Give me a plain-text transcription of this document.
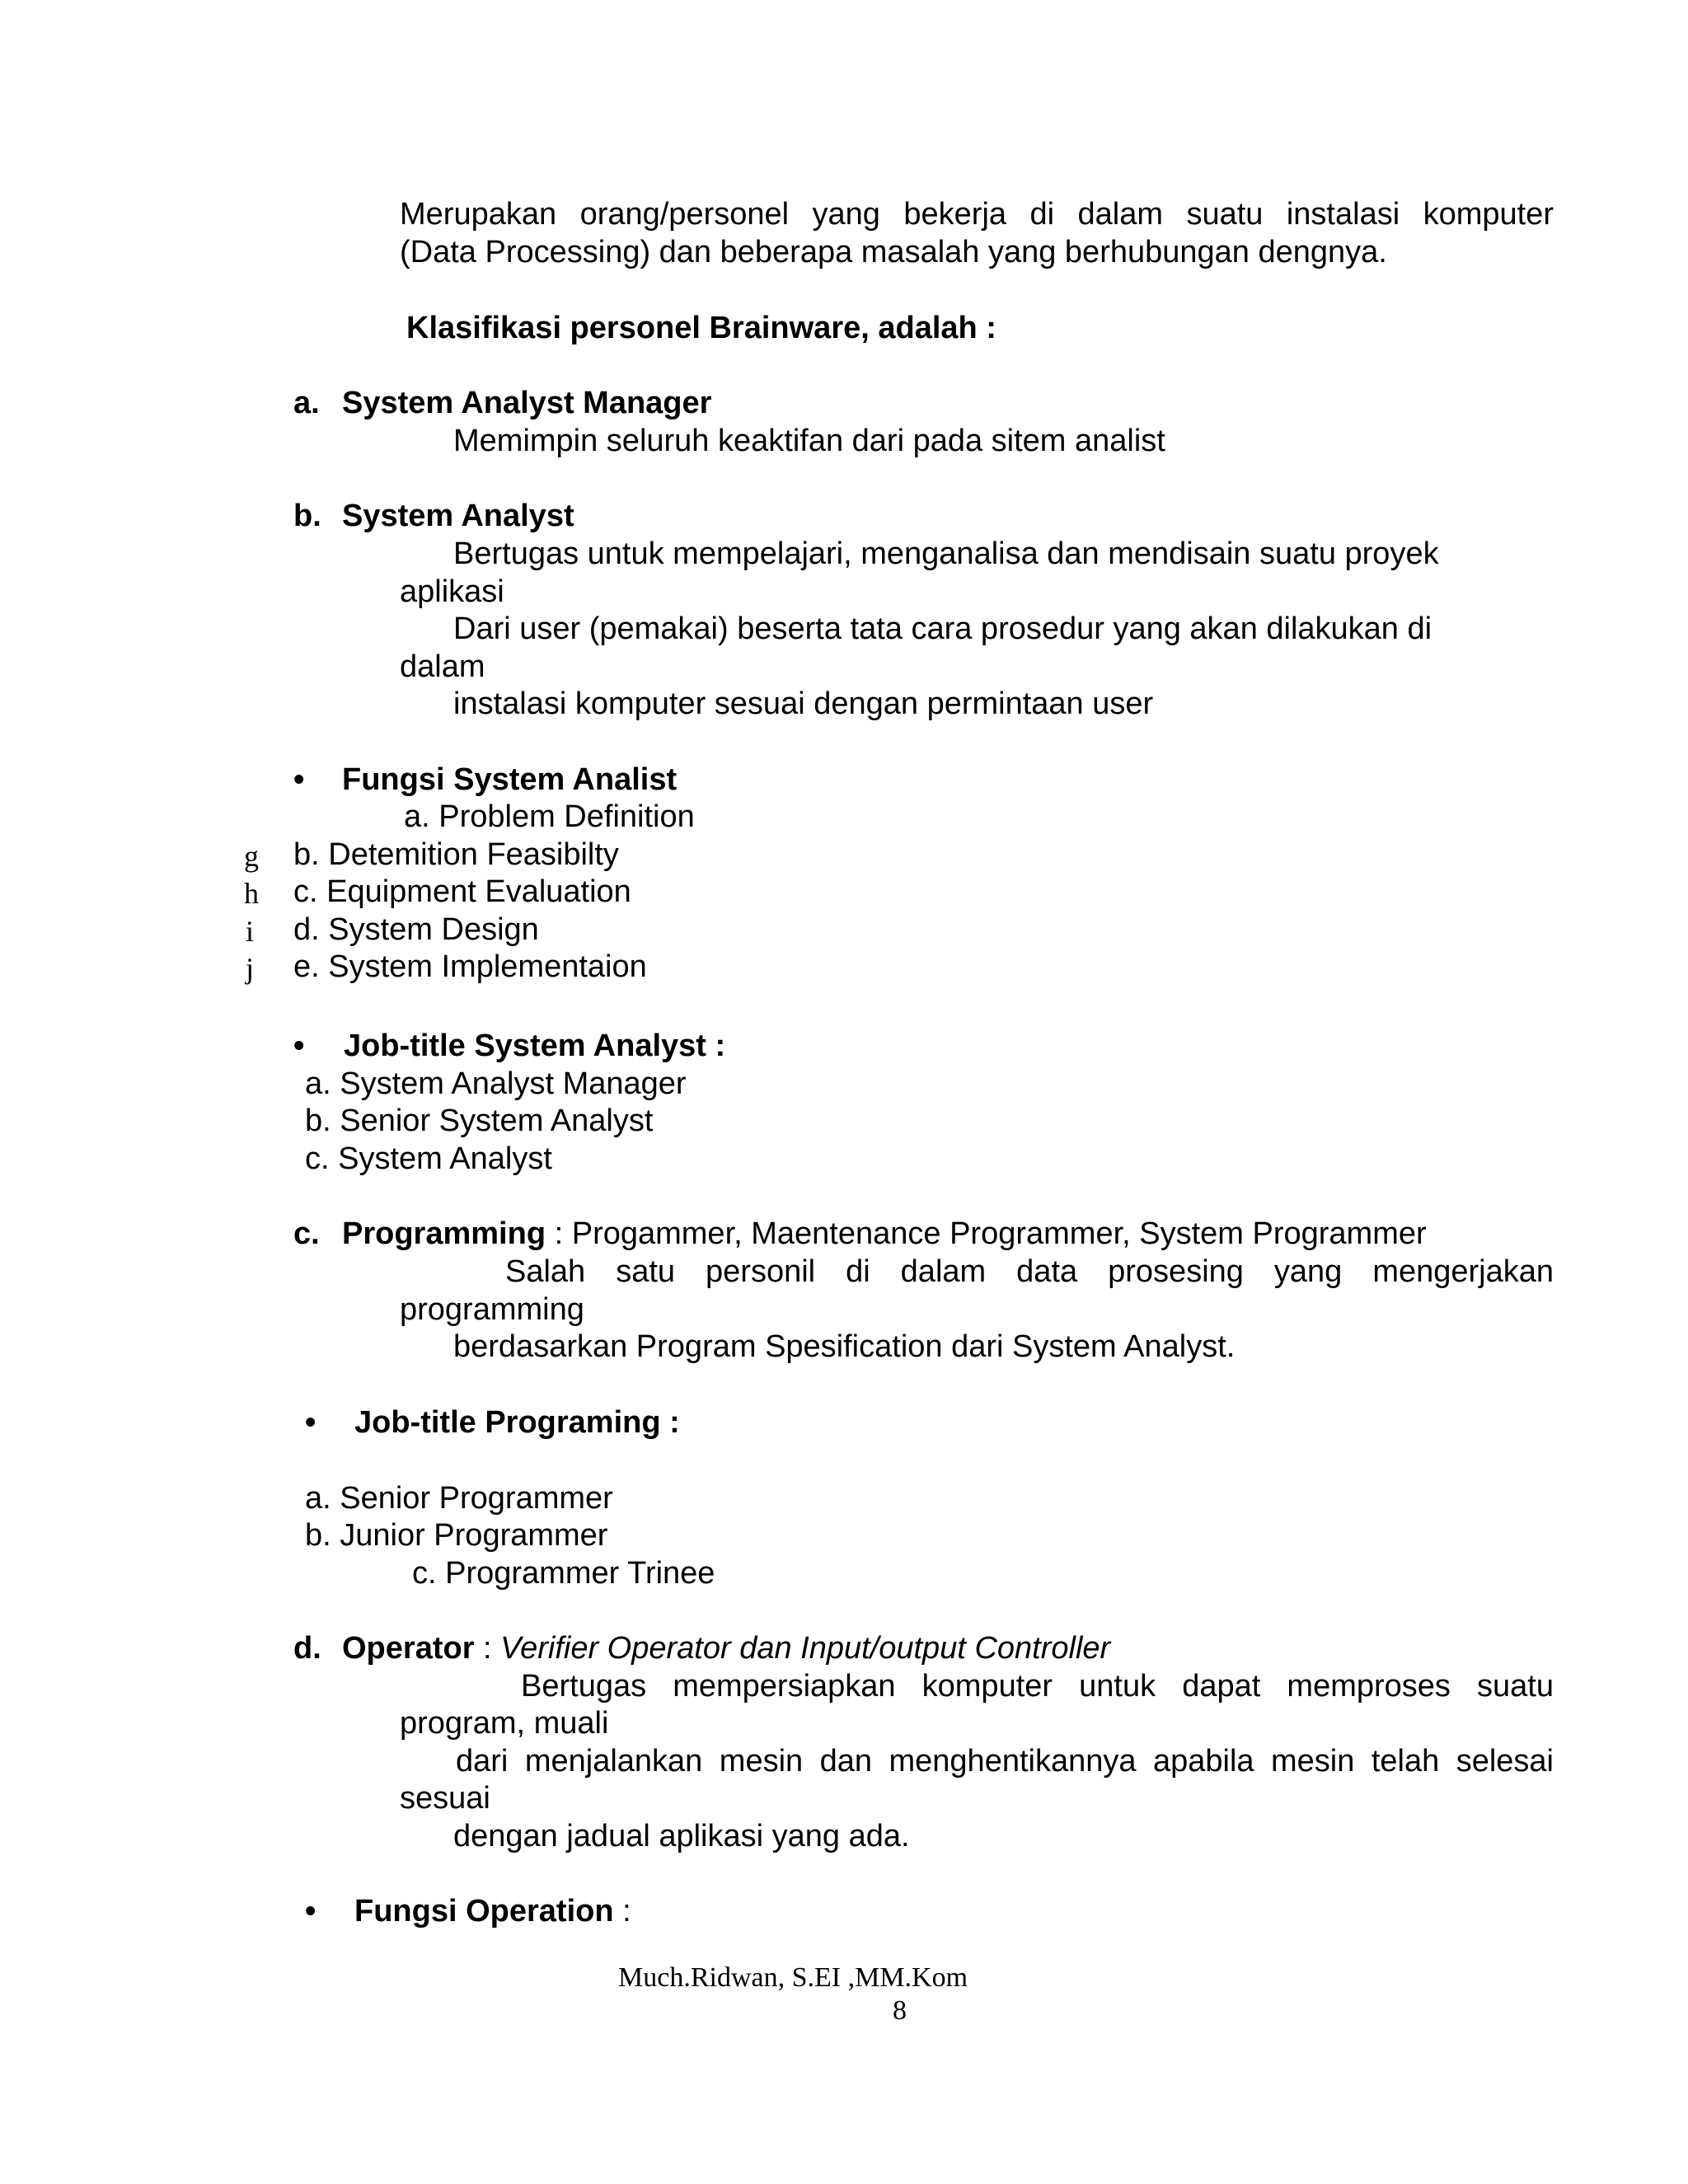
Merupakan orang/personel yang bekerja di dalam suatu instalasi komputer
(Data Processing) dan beberapa masalah yang berhubungan dengnya.
Klasifikasi personel Brainware, adalah :
a. System Analyst Manager
Memimpin seluruh keaktifan dari pada sitem analist
b. System Analyst
Bertugas untuk mempelajari, menganalisa dan mendisain suatu proyek
aplikasi
Dari user (pemakai) beserta tata cara prosedur yang akan dilakukan di
dalam
instalasi komputer sesuai dengan permintaan user
• Fungsi System Analist
a. Problem Definition
b. Detemition Feasibilty
c. Equipment Evaluation
d. System Design
e. System Implementaion
g
h
i
j
• Job-title System Analyst :
a. System Analyst Manager
b. Senior System Analyst
c. System Analyst
c. Programming : Progammer, Maentenance Programmer, System Programmer
Salah satu personil di dalam data prosesing yang mengerjakan
programming
berdasarkan Program Spesification dari System Analyst.
• Job-title Programing :
a. Senior Programmer
b. Junior Programmer
c. Programmer Trinee
d. Operator : Verifier Operator dan Input/output Controller
Bertugas mempersiapkan komputer untuk dapat memproses suatu
program, muali
dari menjalankan mesin dan menghentikannya apabila mesin telah selesai
sesuai
dengan jadual aplikasi yang ada.
• Fungsi Operation :
Much.Ridwan, S.EI ,MM.Kom
8
